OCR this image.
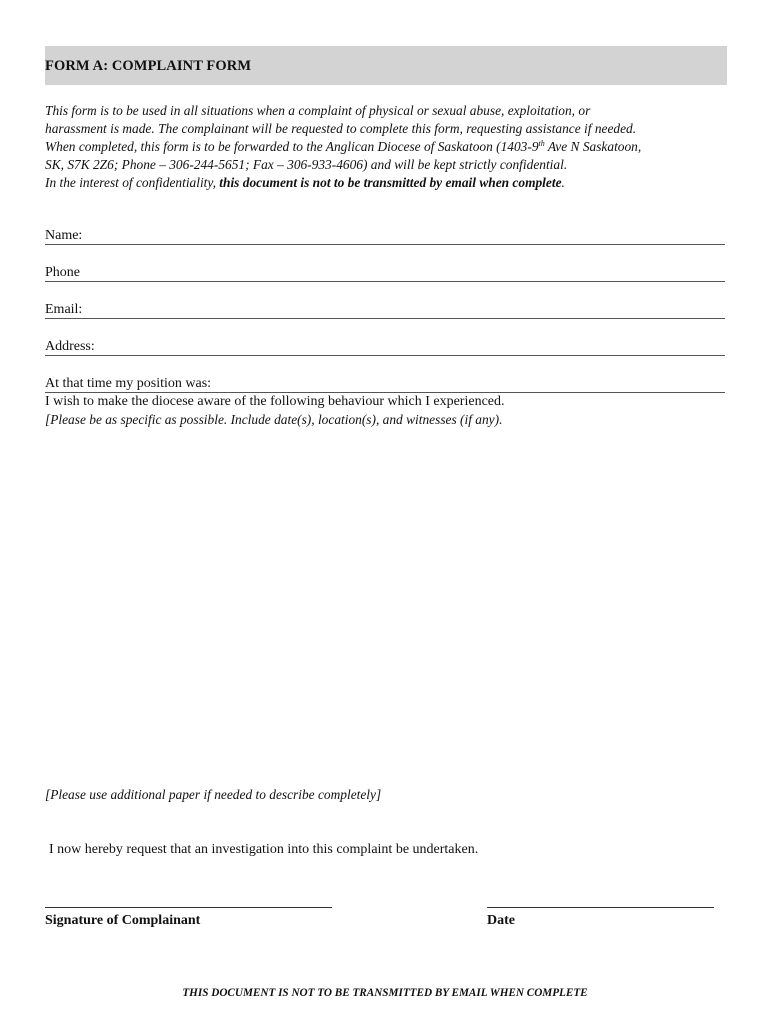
FORM A: COMPLAINT FORM
This form is to be used in all situations when a complaint of physical or sexual abuse, exploitation, or
harassment is made. The complainant will be requested to complete this form, requesting assistance if needed.
When completed, this form is to be forwarded to the Anglican Diocese of Saskatoon (1403-9th Ave N Saskatoon,
SK, S7K 2Z6; Phone – 306-244-5651; Fax – 306-933-4606) and will be kept strictly confidential.
In the interest of confidentiality, this document is not to be transmitted by email when complete.
Name:
Phone
Email:
Address:
At that time my position was:
I wish to make the diocese aware of the following behaviour which I experienced.
[Please be as specific as possible. Include date(s), location(s), and witnesses (if any).
[Please use additional paper if needed to describe completely]
I now hereby request that an investigation into this complaint be undertaken.
Signature of Complainant	Date
THIS DOCUMENT IS NOT TO BE TRANSMITTED BY EMAIL WHEN COMPLETE
